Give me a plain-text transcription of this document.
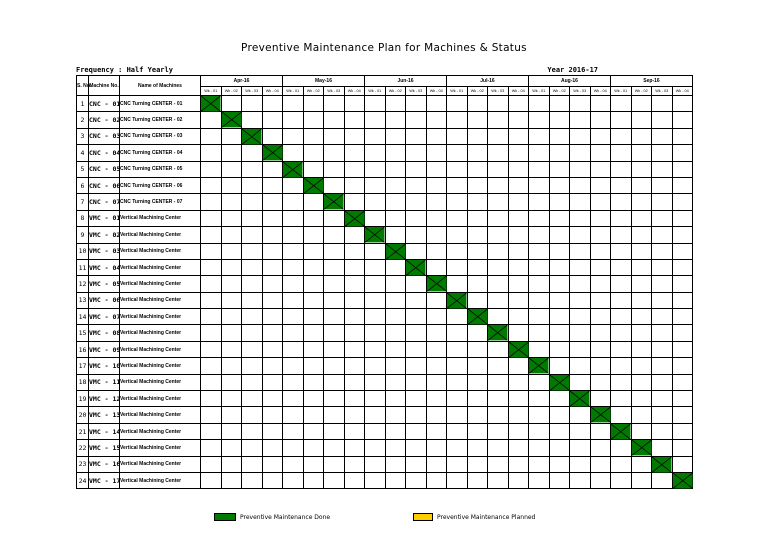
Preventive Maintenance Plan for Machines & Status
Frequency : Half Yearly	Year 2016-17
S. No.	Machine No.	Name of Machines	Apr-16				May-16				Jun-16				Jul-16				Aug-16				Sep-16			
			Wk - 01	Wk - 02	Wk - 03	Wk - 04	Wk - 01	Wk - 02	Wk - 03	Wk - 04	Wk - 01	Wk - 02	Wk - 03	Wk - 04	Wk - 01	Wk - 02	Wk - 03	Wk - 04	Wk - 01	Wk - 02	Wk - 03	Wk - 04	Wk - 01	Wk - 02	Wk - 03	Wk - 04
1	CNC - 01	CNC Turning CENTER - 01	

2	CNC - 02	CNC Turning CENTER - 02		

3	CNC - 03	CNC Turning CENTER - 03			

4	CNC - 04	CNC Turning CENTER - 04				

5	CNC - 05	CNC Turning CENTER - 05					

6	CNC - 06	CNC Turning CENTER - 06						

7	CNC - 07	CNC Turning CENTER - 07							

8	VMC - 01	Vertical Machining Center								

9	VMC - 02	Vertical Machining Center									

10	VMC - 03	Vertical Machining Center										

11	VMC - 04	Vertical Machining Center											

12	VMC - 05	Vertical Machining Center												

13	VMC - 06	Vertical Machining Center													

14	VMC - 07	Vertical Machining Center														

15	VMC - 08	Vertical Machining Center															

16	VMC - 09	Vertical Machining Center																

17	VMC - 10	Vertical Machining Center																	

18	VMC - 11	Vertical Machining Center																		

19	VMC - 12	Vertical Machining Center																			

20	VMC - 13	Vertical Machining Center																				

21	VMC - 14	Vertical Machining Center																					

22	VMC - 15	Vertical Machining Center																						

23	VMC - 16	Vertical Machining Center																							

24	VMC - 17	Vertical Machining Center																								
Preventive Maintenance Done	Preventive Maintenance Planned
